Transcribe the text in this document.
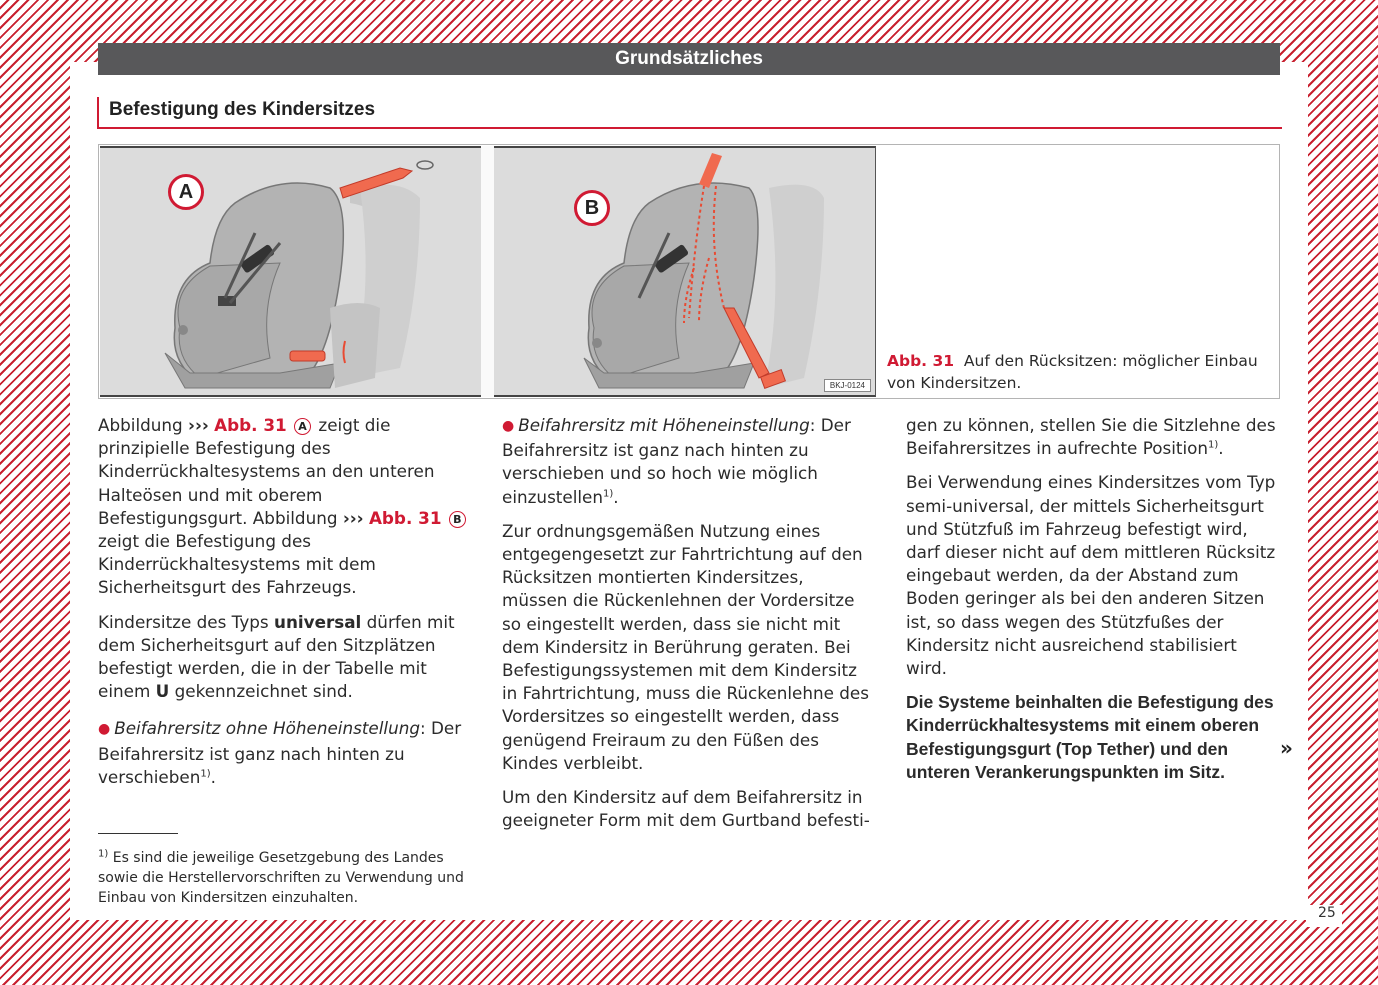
Grundsätzliches
Befestigung des Kindersitzes
A
B
BKJ-0124
Abb. 31 Auf den Rücksitzen: möglicher Einbau von Kindersitzen.

Abbildung ››› Abb. 31 A zeigt die prinzipielle Befestigung des Kinderrückhaltesystems an den unteren Halteösen und mit oberem Befestigungsgurt. Abbildung ››› Abb. 31 B zeigt die Befestigung des Kinderrückhaltesystems mit dem Sicherheitsgurt des Fahrzeugs.

Kindersitze des Typs universal dürfen mit dem Sicherheitsgurt auf den Sitzplätzen befestigt werden, die in der Tabelle mit einem U gekennzeichnet sind.

● Beifahrersitz ohne Höheneinstellung: Der Beifahrersitz ist ganz nach hinten zu verschieben$^{1)}$.

● Beifahrersitz mit Höheneinstellung: Der Beifahrersitz ist ganz nach hinten zu verschieben und so hoch wie möglich einzustellen$^{1)}$.

Zur ordnungsgemäßen Nutzung eines entgegengesetzt zur Fahrtrichtung auf den Rücksitzen montierten Kindersitzes, müssen die Rückenlehnen der Vordersitze so eingestellt werden, dass sie nicht mit dem Kindersitz in Berührung geraten. Bei Befestigungssystemen mit dem Kindersitz in Fahrtrichtung, muss die Rückenlehne des Vordersitzes so eingestellt werden, dass genügend Freiraum zu den Füßen des Kindes verbleibt.

Um den Kindersitz auf dem Beifahrersitz in geeigneter Form mit dem Gurtband befesti-

gen zu können, stellen Sie die Sitzlehne des Beifahrersitzes in aufrechte Position$^{1)}$.

Bei Verwendung eines Kindersitzes vom Typ semi-universal, der mittels Sicherheitsgurt und Stützfuß im Fahrzeug befestigt wird, darf dieser nicht auf dem mittleren Rücksitz eingebaut werden, da der Abstand zum Boden geringer als bei den anderen Sitzen ist, so dass wegen des Stützfußes der Kindersitz nicht ausreichend stabilisiert wird.

Die Systeme beinhalten die Befestigung des Kinderrückhaltesystems mit einem oberen Befestigungsgurt (Top Tether) und den unteren Verankerungspunkten im Sitz.

»
$^{1)}$ Es sind die jeweilige Gesetzgebung des Landes sowie die Herstellervorschriften zu Verwendung und Einbau von Kindersitzen einzuhalten.
25
